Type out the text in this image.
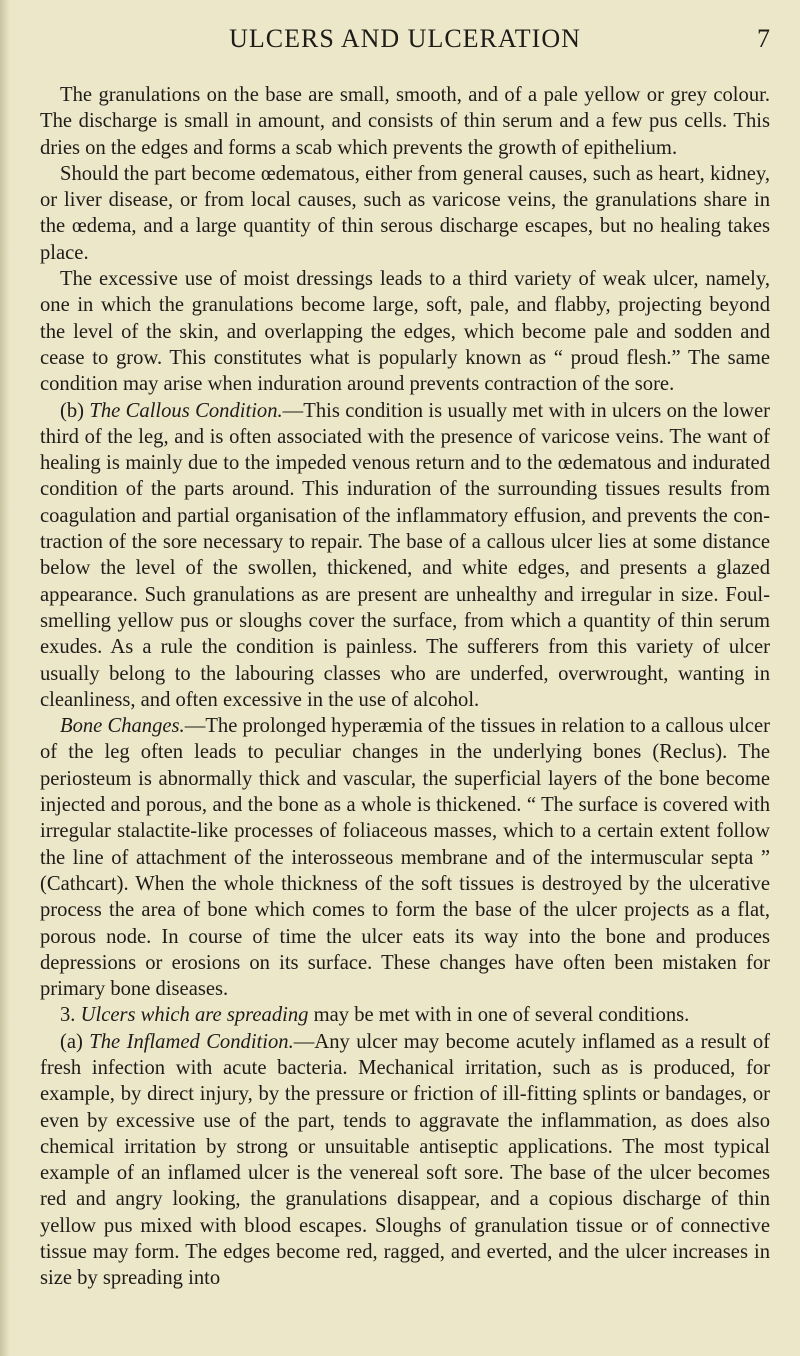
ULCERS AND ULCERATION	7

The granulations on the base are small, smooth, and of a pale yellow or grey colour. The discharge is small in amount, and consists of thin serum and a few pus cells. This dries on the edges and forms a scab which prevents the growth of epithelium.

Should the part become œdematous, either from general causes, such as heart, kidney, or liver disease, or from local causes, such as varicose veins, the granulations share in the œdema, and a large quantity of thin serous discharge escapes, but no healing takes place.

The excessive use of moist dressings leads to a third variety of weak ulcer, namely, one in which the granulations become large, soft, pale, and flabby, projecting beyond the level of the skin, and overlapping the edges, which become pale and sodden and cease to grow. This constitutes what is popularly known as “ proud flesh.” The same condition may arise when induration around prevents contraction of the sore.

(b) The Callous Condition.—This condition is usually met with in ulcers on the lower third of the leg, and is often associated with the presence of varicose veins. The want of healing is mainly due to the impeded venous return and to the œdematous and indurated condition of the parts around. This induration of the surrounding tissues results from coagulation and partial organisation of the inflammatory effusion, and prevents the con-traction of the sore necessary to repair. The base of a callous ulcer lies at some distance below the level of the swollen, thickened, and white edges, and presents a glazed appearance. Such granulations as are present are unhealthy and irregular in size. Foul-smelling yellow pus or sloughs cover the surface, from which a quantity of thin serum exudes. As a rule the condition is painless. The sufferers from this variety of ulcer usually belong to the labouring classes who are underfed, overwrought, wanting in cleanliness, and often excessive in the use of alcohol.

Bone Changes.—The prolonged hyperæmia of the tissues in relation to a callous ulcer of the leg often leads to peculiar changes in the underlying bones (Reclus). The periosteum is abnormally thick and vascular, the superficial layers of the bone become injected and porous, and the bone as a whole is thickened. “ The surface is covered with irregular stalactite-like processes of foliaceous masses, which to a certain extent follow the line of attachment of the interosseous membrane and of the intermuscular septa ” (Cathcart). When the whole thickness of the soft tissues is destroyed by the ulcerative process the area of bone which comes to form the base of the ulcer projects as a flat, porous node. In course of time the ulcer eats its way into the bone and produces depressions or erosions on its surface. These changes have often been mistaken for primary bone diseases.

3. Ulcers which are spreading may be met with in one of several conditions.

(a) The Inflamed Condition.—Any ulcer may become acutely inflamed as a result of fresh infection with acute bacteria. Mechanical irritation, such as is produced, for example, by direct injury, by the pressure or friction of ill-fitting splints or bandages, or even by excessive use of the part, tends to aggravate the inflammation, as does also chemical irritation by strong or unsuitable antiseptic applications. The most typical example of an inflamed ulcer is the venereal soft sore. The base of the ulcer becomes red and angry looking, the granulations disappear, and a copious discharge of thin yellow pus mixed with blood escapes. Sloughs of granulation tissue or of connective tissue may form. The edges become red, ragged, and everted, and the ulcer increases in size by spreading into
